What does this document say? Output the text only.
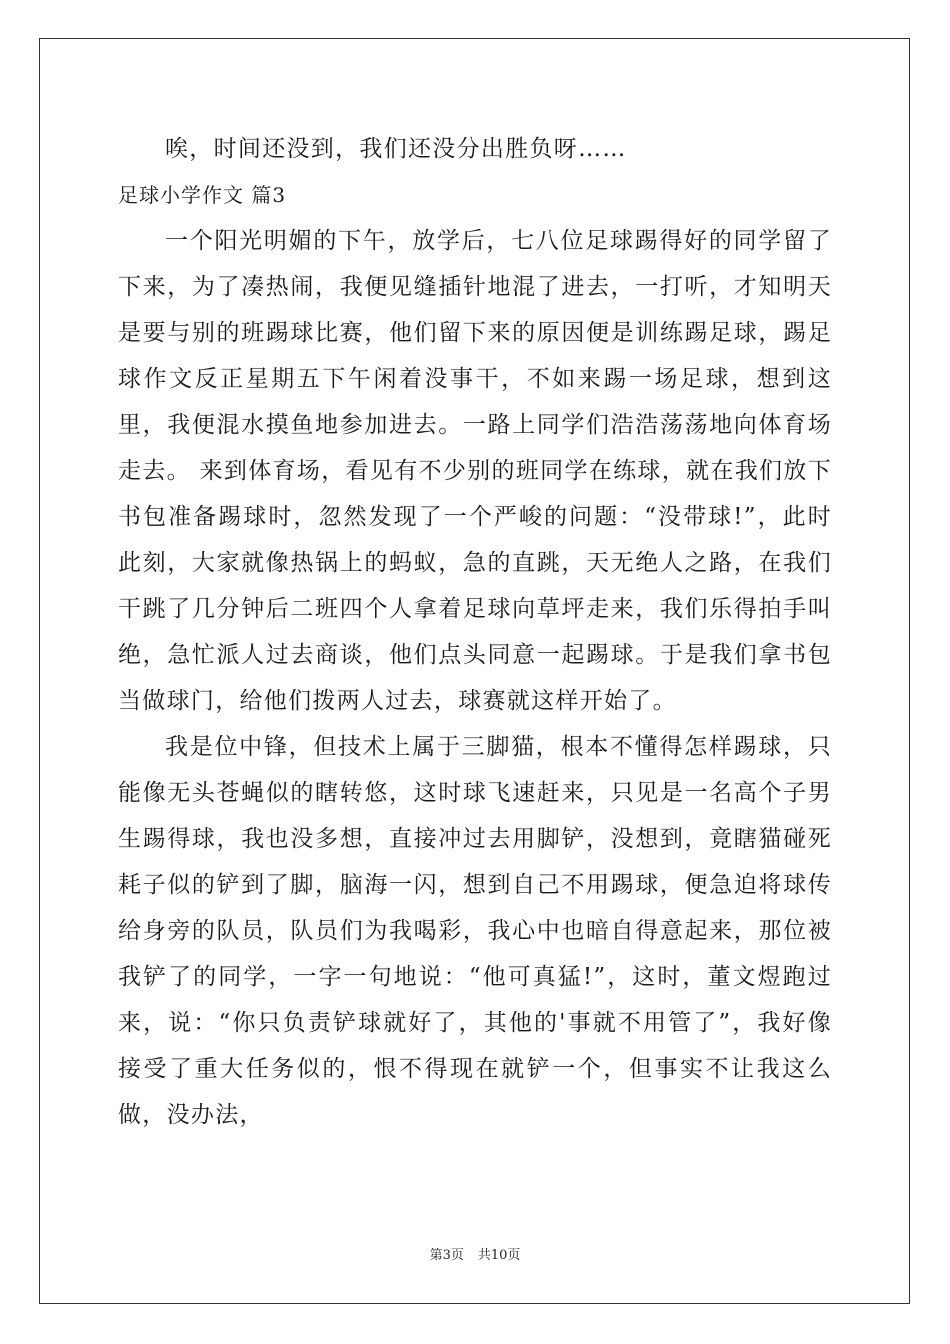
唉，时间还没到，我们还没分出胜负呀……

足球小学作文 篇3

一个阳光明媚的下午，放学后，七八位足球踢得好的同学留了下来，为了凑热闹，我便见缝插针地混了进去，一打听，才知明天是要与别的班踢球比赛，他们留下来的原因便是训练踢足球，踢足球作文反正星期五下午闲着没事干，不如来踢一场足球，想到这里，我便混水摸鱼地参加进去。一路上同学们浩浩荡荡地向体育场走去。 来到体育场，看见有不少别的班同学在练球，就在我们放下书包准备踢球时，忽然发现了一个严峻的问题：“没带球!”，此时此刻，大家就像热锅上的蚂蚁，急的直跳，天无绝人之路，在我们干跳了几分钟后二班四个人拿着足球向草坪走来，我们乐得拍手叫绝，急忙派人过去商谈，他们点头同意一起踢球。于是我们拿书包当做球门，给他们拨两人过去，球赛就这样开始了。

我是位中锋，但技术上属于三脚猫，根本不懂得怎样踢球，只能像无头苍蝇似的瞎转悠，这时球飞速赶来，只见是一名高个子男生踢得球，我也没多想，直接冲过去用脚铲，没想到，竟瞎猫碰死耗子似的铲到了脚，脑海一闪，想到自己不用踢球，便急迫将球传给身旁的队员，队员们为我喝彩，我心中也暗自得意起来，那位被我铲了的同学，一字一句地说：“他可真猛!”，这时，董文煜跑过来，说：“你只负责铲球就好了，其他的'事就不用管了”，我好像接受了重大任务似的，恨不得现在就铲一个，但事实不让我这么做，没办法，

第3页 共10页
